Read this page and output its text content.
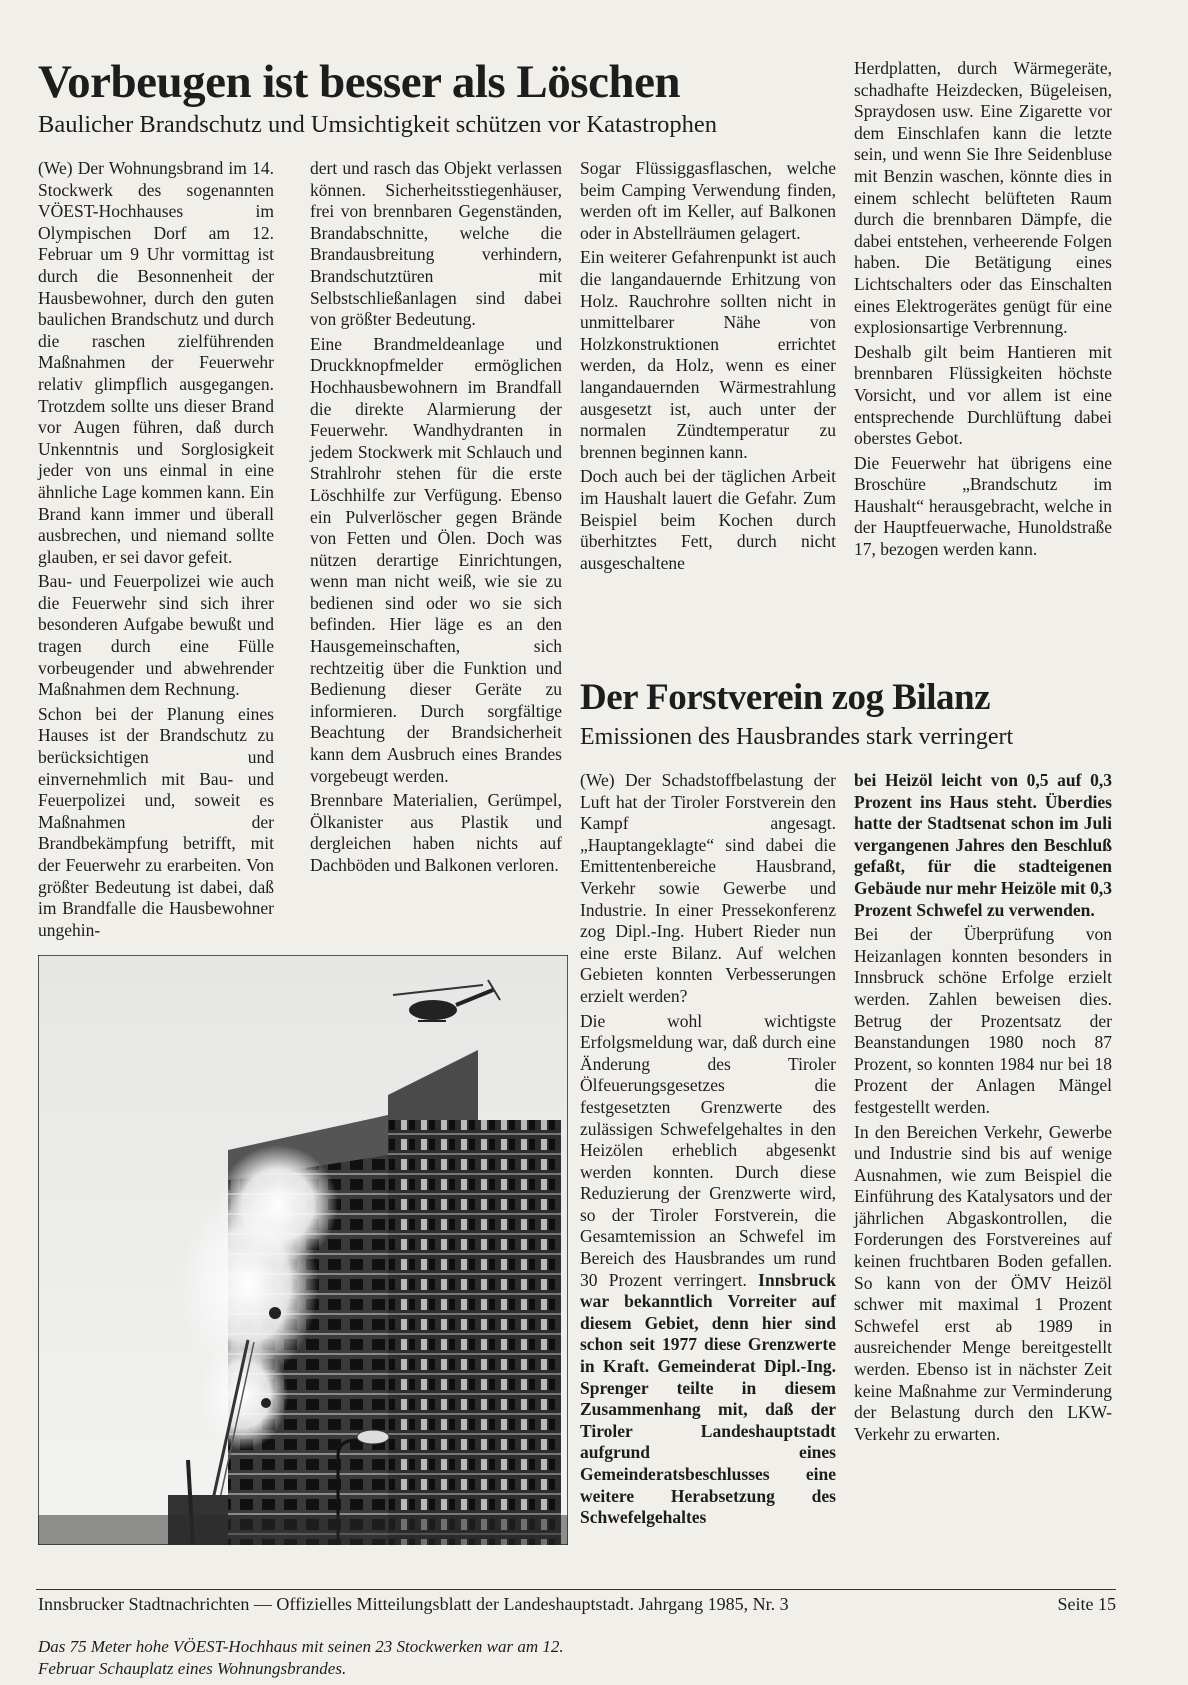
Vorbeugen ist besser als Löschen
Baulicher Brandschutz und Umsichtigkeit schützen vor Katastrophen

(We) Der Wohnungsbrand im 14. Stockwerk des sogenannten VÖEST-Hochhauses im Olympischen Dorf am 12. Februar um 9 Uhr vormittag ist durch die Besonnenheit der Hausbewohner, durch den guten baulichen Brandschutz und durch die raschen zielführenden Maßnahmen der Feuerwehr relativ glimpflich ausgegangen. Trotzdem sollte uns dieser Brand vor Augen führen, daß durch Unkenntnis und Sorglosigkeit jeder von uns einmal in eine ähnliche Lage kommen kann. Ein Brand kann immer und überall ausbrechen, und niemand sollte glauben, er sei davor gefeit.

Bau- und Feuerpolizei wie auch die Feuerwehr sind sich ihrer besonderen Aufgabe bewußt und tragen durch eine Fülle vorbeugender und abwehrender Maßnahmen dem Rechnung.

Schon bei der Planung eines Hauses ist der Brandschutz zu berücksichtigen und einvernehmlich mit Bau- und Feuerpolizei und, soweit es Maßnahmen der Brandbekämpfung betrifft, mit der Feuerwehr zu erarbeiten. Von größter Bedeutung ist dabei, daß im Brandfalle die Hausbewohner ungehin-

dert und rasch das Objekt verlassen können. Sicherheitsstiegenhäuser, frei von brennbaren Gegenständen, Brandabschnitte, welche die Brandausbreitung verhindern, Brandschutztüren mit Selbstschließanlagen sind dabei von größter Bedeutung.

Eine Brandmeldeanlage und Druckknopfmelder ermöglichen Hochhausbewohnern im Brandfall die direkte Alarmierung der Feuerwehr. Wandhydranten in jedem Stockwerk mit Schlauch und Strahlrohr stehen für die erste Löschhilfe zur Verfügung. Ebenso ein Pulverlöscher gegen Brände von Fetten und Ölen. Doch was nützen derartige Einrichtungen, wenn man nicht weiß, wie sie zu bedienen sind oder wo sie sich befinden. Hier läge es an den Hausgemeinschaften, sich rechtzeitig über die Funktion und Bedienung dieser Geräte zu informieren. Durch sorgfältige Beachtung der Brandsicherheit kann dem Ausbruch eines Brandes vorgebeugt werden.

Brennbare Materialien, Gerümpel, Ölkanister aus Plastik und dergleichen haben nichts auf Dachböden und Balkonen verloren.

Sogar Flüssiggasflaschen, welche beim Camping Verwendung finden, werden oft im Keller, auf Balkonen oder in Abstellräumen gelagert.

Ein weiterer Gefahrenpunkt ist auch die langandauernde Erhitzung von Holz. Rauchrohre sollten nicht in unmittelbarer Nähe von Holzkonstruktionen errichtet werden, da Holz, wenn es einer langandauernden Wärmestrahlung ausgesetzt ist, auch unter der normalen Zündtemperatur zu brennen beginnen kann.

Doch auch bei der täglichen Arbeit im Haushalt lauert die Gefahr. Zum Beispiel beim Kochen durch überhitztes Fett, durch nicht ausgeschaltene

Herdplatten, durch Wärmegeräte, schadhafte Heizdecken, Bügeleisen, Spraydosen usw. Eine Zigarette vor dem Einschlafen kann die letzte sein, und wenn Sie Ihre Seidenbluse mit Benzin waschen, könnte dies in einem schlecht belüfteten Raum durch die brennbaren Dämpfe, die dabei entstehen, verheerende Folgen haben. Die Betätigung eines Lichtschalters oder das Einschalten eines Elektrogerätes genügt für eine explosionsartige Verbrennung.

Deshalb gilt beim Hantieren mit brennbaren Flüssigkeiten höchste Vorsicht, und vor allem ist eine entsprechende Durchlüftung dabei oberstes Gebot.

Die Feuerwehr hat übrigens eine Broschüre „Brandschutz im Haushalt“ herausgebracht, welche in der Hauptfeuerwache, Hunoldstraße 17, bezogen werden kann.

Das 75 Meter hohe VÖEST-Hochhaus mit seinen 23 Stockwerken war am 12. Februar Schauplatz eines Wohnungsbrandes.
Der Forstverein zog Bilanz
Emissionen des Hausbrandes stark verringert

(We) Der Schadstoffbelastung der Luft hat der Tiroler Forstverein den Kampf angesagt. „Hauptangeklagte“ sind dabei die Emittentenbereiche Hausbrand, Verkehr sowie Gewerbe und Industrie. In einer Pressekonferenz zog Dipl.-Ing. Hubert Rieder nun eine erste Bilanz. Auf welchen Gebieten konnten Verbesserungen erzielt werden?

Die wohl wichtigste Erfolgsmeldung war, daß durch eine Änderung des Tiroler Ölfeuerungsgesetzes die festgesetzten Grenzwerte des zulässigen Schwefelgehaltes in den Heizölen erheblich abgesenkt werden konnten. Durch diese Reduzierung der Grenzwerte wird, so der Tiroler Forstverein, die Gesamtemission an Schwefel im Bereich des Hausbrandes um rund 30 Prozent verringert. Innsbruck war bekanntlich Vorreiter auf diesem Gebiet, denn hier sind schon seit 1977 diese Grenzwerte in Kraft. Gemeinderat Dipl.-Ing. Sprenger teilte in diesem Zusammenhang mit, daß der Tiroler Landeshauptstadt aufgrund eines Gemeinderatsbeschlusses eine weitere Herabsetzung des Schwefelgehaltes

bei Heizöl leicht von 0,5 auf 0,3 Prozent ins Haus steht. Überdies hatte der Stadtsenat schon im Juli vergangenen Jahres den Beschluß gefaßt, für die stadteigenen Gebäude nur mehr Heizöle mit 0,3 Prozent Schwefel zu verwenden.

Bei der Überprüfung von Heizanlagen konnten besonders in Innsbruck schöne Erfolge erzielt werden. Zahlen beweisen dies. Betrug der Prozentsatz der Beanstandungen 1980 noch 87 Prozent, so konnten 1984 nur bei 18 Prozent der Anlagen Mängel festgestellt werden.

In den Bereichen Verkehr, Gewerbe und Industrie sind bis auf wenige Ausnahmen, wie zum Beispiel die Einführung des Katalysators und der jährlichen Abgaskontrollen, die Forderungen des Forstvereines auf keinen fruchtbaren Boden gefallen. So kann von der ÖMV Heizöl schwer mit maximal 1 Prozent Schwefel erst ab 1989 in ausreichender Menge bereitgestellt werden. Ebenso ist in nächster Zeit keine Maßnahme zur Verminderung der Belastung durch den LKW-Verkehr zu erwarten.

Innsbrucker Stadtnachrichten — Offizielles Mitteilungsblatt der Landeshauptstadt. Jahrgang 1985, Nr. 3	Seite 15
